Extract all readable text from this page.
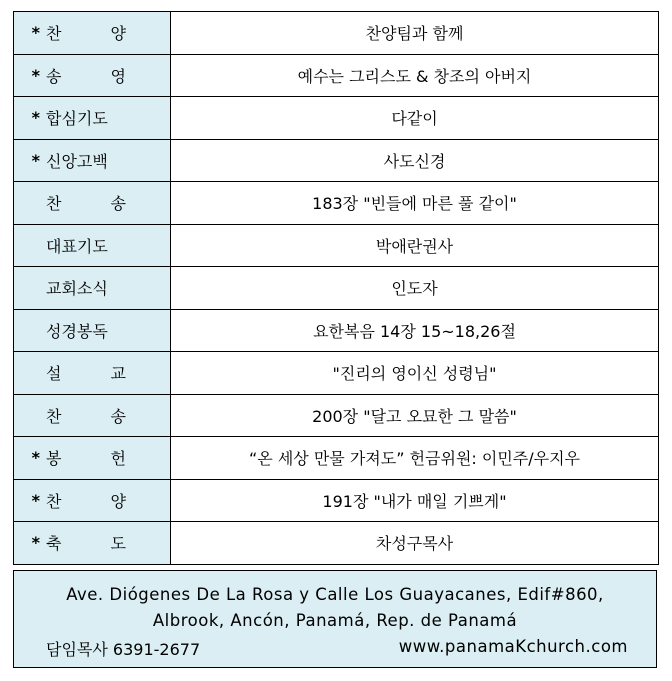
* 찬 양	찬양팀과 함께

* 송 영	예수는 그리스도 & 창조의 아버지

* 합심기도	다같이

* 신앙고백	사도신경

찬 송	183장 "빈들에 마른 풀 같이"

대표기도	박애란권사

교회소식	인도자

성경봉독	요한복음 14장 15~18,26절

설 교	"진리의 영이신 성령님"

찬 송	200장 "달고 오묘한 그 말씀"

* 봉 헌	“온 세상 만물 가져도” 헌금위원: 이민주/우지우

* 찬 양	191장 "내가 매일 기쁘게"

* 축 도	차성구목사
Ave. Diógenes De La Rosa y Calle Los Guayacanes, Edif#860,
Albrook, Ancón, Panamá, Rep. de Panamá
담임목사 6391-2677	www.panamaKchurch.com
